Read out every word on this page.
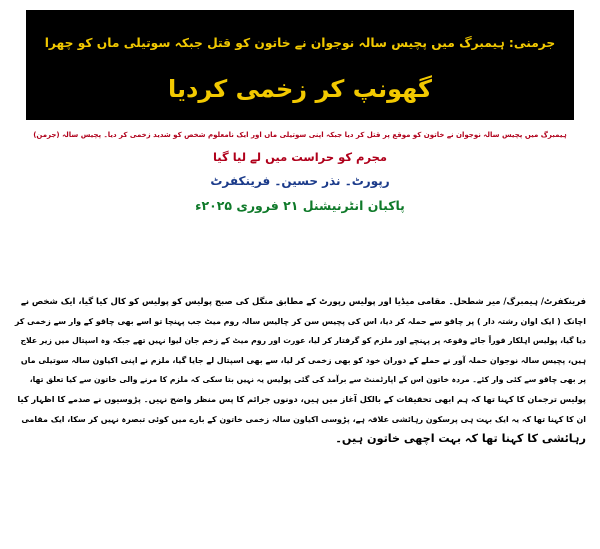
جرمنی: ہیمبرگ میں پچیس سالہ نوجوان نے خاتون کو قتل جبکہ سوتیلی ماں کو چھرا
گھونپ کر زخمی کردیا
ہیمبرگ میں پچیس سالہ نوجوان نے خاتون کو موقع پر قتل کر دیا جبکہ اپنی سوتیلی ماں اور ایک نامعلوم شخص کو شدید زخمی کر دیا۔ پچیس سالہ (جرمن)
مجرم کو حراست میں لے لیا گیا
رپورٹ۔ نذر حسین۔ فرینکفرٹ
پاکبان انٹرنیشنل ۲۱ فروری ۲۰۲۵ء
فرینکفرٹ/ ہیمبرگ/ میر شطحل۔ مقامی میڈیا اور پولیس رپورٹ کے مطابق منگل کی صبح پولیس کو پولیس کو کال کیا گیا، ایک شخص نے
اچانک ( ایک اوان رشتہ دار ) پر چاقو سے حملہ کر دیا، اس کی پچیس سن کر چالیس سالہ روم میٹ جب پہنچا تو اسے بھی چاقو کے وار سے زخمی کر
دیا گیا، پولیس اہلکار فوراً جائے وقوعہ پر پہنچے اور ملزم کو گرفتار کر لیا، عورت اور روم میٹ کے زخم جان لیوا نہیں تھے جبکہ وہ اسپتال میں زیر علاج
ہیں، پچیس سالہ نوجوان حملہ آور نے حملے کے دوران خود کو بھی زخمی کر لیا، سے بھی اسپتال لے جایا گیا، ملزم نے اپنی اکیاون سالہ سوتیلی ماں
پر بھی چاقو سے کئی وار کئے۔ مردہ خاتون اس کے اپارٹمنٹ سے برآمد کی گئی پولیس یہ نہیں بتا سکی کہ ملزم کا مرنے والی خاتون سے کیا تعلق تھا،
پولیس ترجمان کا کہنا تھا کہ ہم ابھی تحقیقات کے بالکل آغاز میں ہیں، دونوں جرائم کا پس منظر واضح نہیں۔ پڑوسیوں نے صدمے کا اظہار کیا
ان کا کہنا تھا کہ یہ ایک بہت ہی پرسکون رہائشی علاقہ ہے، پڑوسی اکیاون سالہ زخمی خاتون کے بارے میں کوئی تبصرہ نہیں کر سکا، ایک مقامی
رہائشی کا کہنا تھا کہ بہت اچھی خاتون ہیں۔
